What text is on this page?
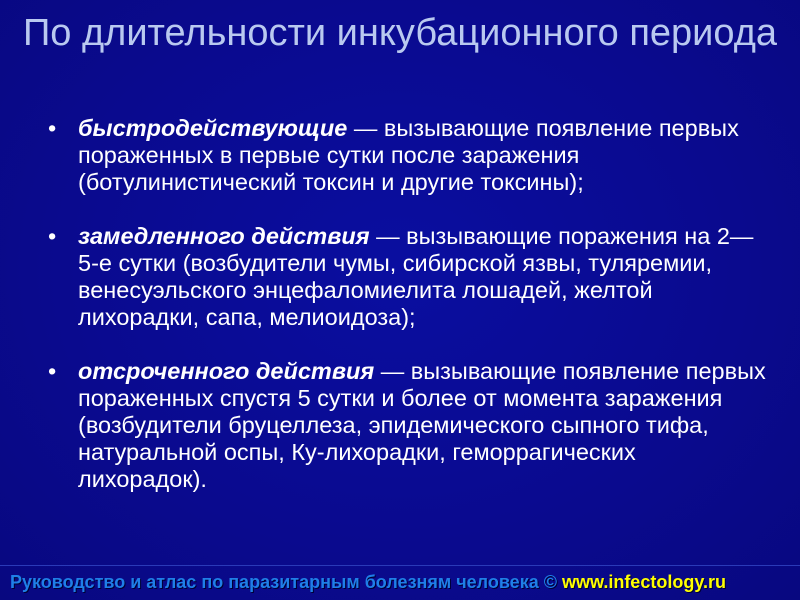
По длительности инкубационного периода
• быстродействующие — вызывающие появление первых пораженных в первые сутки после заражения (ботулинистический токсин и другие токсины);
• замедленного действия — вызывающие поражения на 2—5-е сутки (возбудители чумы, сибирской язвы, туляремии, венесуэльского энцефаломиелита лошадей, желтой лихорадки, сапа, мелиоидоза);
• отсроченного действия — вызывающие появление первых пораженных спустя 5 сутки и более от момента заражения (возбудители бруцеллеза, эпидемического сыпного тифа, натуральной оспы, Ку-лихорадки, геморрагических лихорадок).
Руководство и атлас по паразитарным болезням человека © www.infectology.ru
